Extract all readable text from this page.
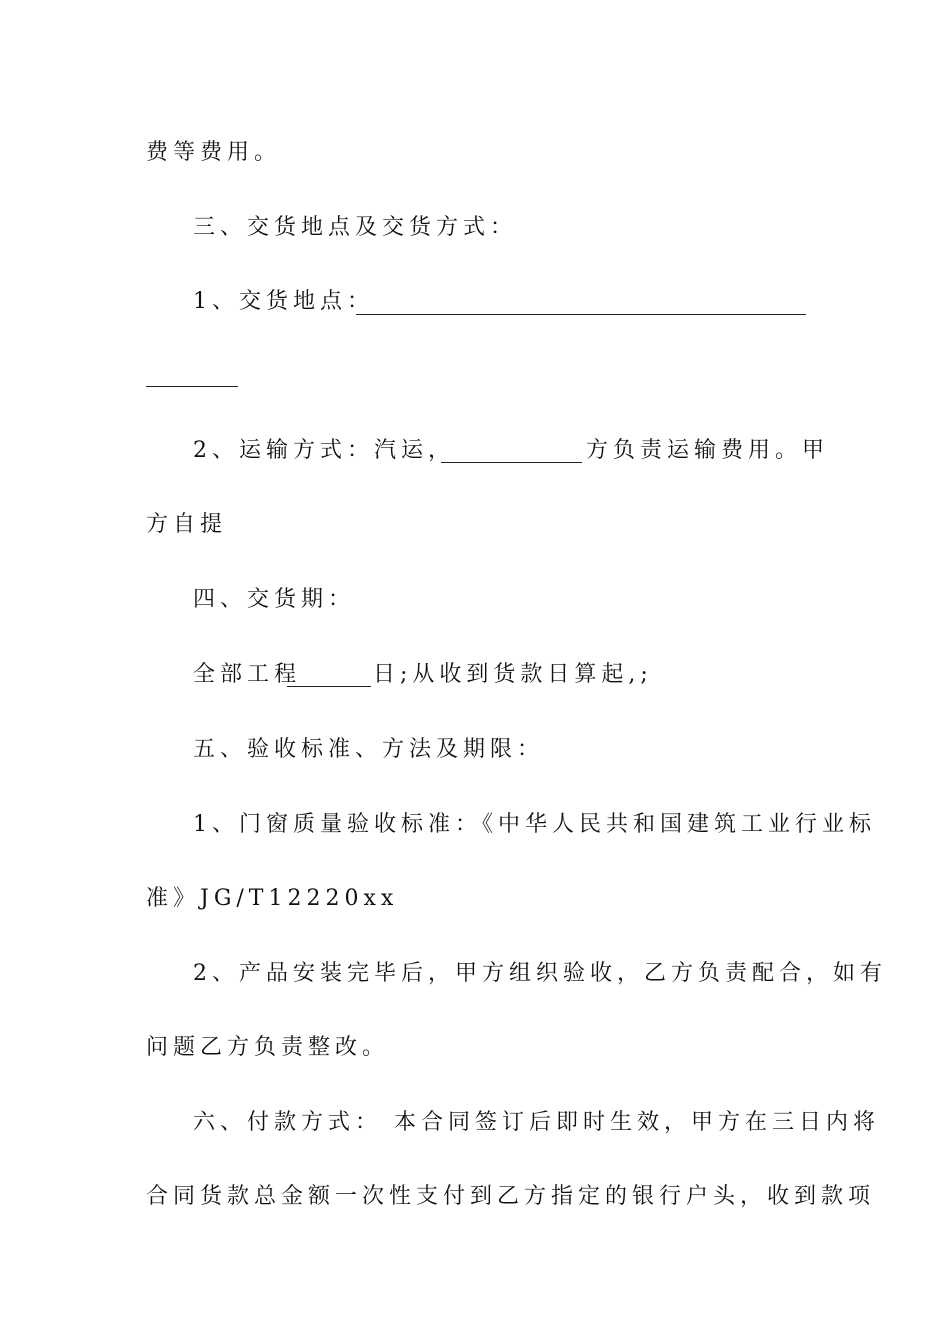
费等费用。
三、交货地点及交货方式：
1、交货地点：
2、运输方式：汽运，	方负责运输费用。甲
方自提
四、交货期：
全部工程	日;从收到货款日算起,;
五、验收标准、方法及期限：
1、门窗质量验收标准：《中华人民共和国建筑工业行业标
准》JG/T12220xx
2、产品安装完毕后，甲方组织验收，乙方负责配合，如有
问题乙方负责整改。
六、付款方式： 本合同签订后即时生效，甲方在三日内将
合同货款总金额一次性支付到乙方指定的银行户头，收到款项
